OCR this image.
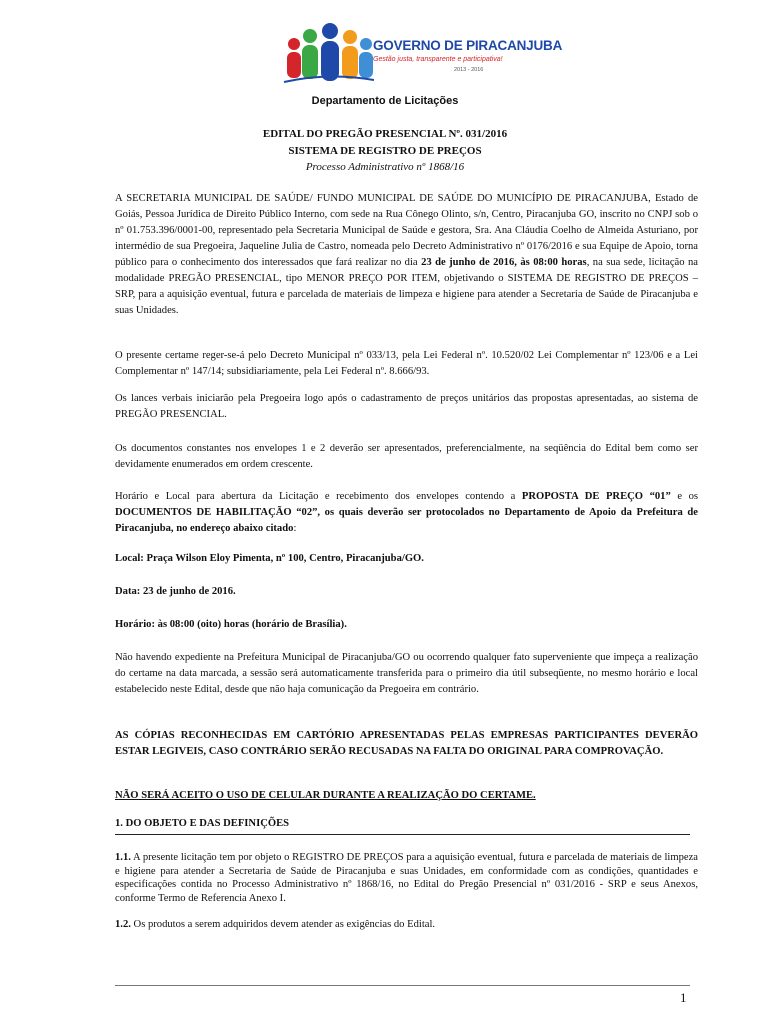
GOVERNO DE PIRACANJUBA
Gestão justa, transparente e participativa!
2013 - 2016
Departamento de Licitações
EDITAL DO PREGÃO PRESENCIAL Nº. 031/2016
SISTEMA DE REGISTRO DE PREÇOS
Processo Administrativo nº 1868/16
A SECRETARIA MUNICIPAL DE SAÚDE/ FUNDO MUNICIPAL DE SAÚDE DO MUNICÍPIO DE PIRACANJUBA, Estado de Goiás, Pessoa Jurídica de Direito Público Interno, com sede na Rua Cônego Olinto, s/n, Centro, Piracanjuba GO, inscrito no CNPJ sob o nº 01.753.396/0001-00, representado pela Secretaria Municipal de Saúde e gestora, Sra. Ana Cláudia Coelho de Almeida Asturiano, por intermédio de sua Pregoeira, Jaqueline Julia de Castro, nomeada pelo Decreto Administrativo nº 0176/2016 e sua Equipe de Apoio, torna público para o conhecimento dos interessados que fará realizar no dia 23 de junho de 2016, às 08:00 horas, na sua sede, licitação na modalidade PREGÃO PRESENCIAL, tipo MENOR PREÇO POR ITEM, objetivando o SISTEMA DE REGISTRO DE PREÇOS – SRP, para a aquisição eventual, futura e parcelada de materiais de limpeza e higiene para atender a Secretaria de Saúde de Piracanjuba e suas Unidades.
O presente certame reger-se-á pelo Decreto Municipal nº 033/13, pela Lei Federal nº. 10.520/02 Lei Complementar nº 123/06 e a Lei Complementar nº 147/14; subsidiariamente, pela Lei Federal nº. 8.666/93.
Os lances verbais iniciarão pela Pregoeira logo após o cadastramento de preços unitários das propostas apresentadas, ao sistema de PREGÃO PRESENCIAL.
Os documentos constantes nos envelopes 1 e 2 deverão ser apresentados, preferencialmente, na seqüência do Edital bem como ser devidamente enumerados em ordem crescente.
Horário e Local para abertura da Licitação e recebimento dos envelopes contendo a PROPOSTA DE PREÇO “01” e os DOCUMENTOS DE HABILITAÇÃO “02”, os quais deverão ser protocolados no Departamento de Apoio da Prefeitura de Piracanjuba, no endereço abaixo citado:
Local: Praça Wilson Eloy Pimenta, nº 100, Centro, Piracanjuba/GO.
Data: 23 de junho de 2016.
Horário: às 08:00 (oito) horas (horário de Brasília).
Não havendo expediente na Prefeitura Municipal de Piracanjuba/GO ou ocorrendo qualquer fato superveniente que impeça a realização do certame na data marcada, a sessão será automaticamente transferida para o primeiro dia útil subseqüente, no mesmo horário e local estabelecido neste Edital, desde que não haja comunicação da Pregoeira em contrário.
AS CÓPIAS RECONHECIDAS EM CARTÓRIO APRESENTADAS PELAS EMPRESAS PARTICIPANTES DEVERÃO ESTAR LEGIVEIS, CASO CONTRÁRIO SERÃO RECUSADAS NA FALTA DO ORIGINAL PARA COMPROVAÇÃO.
NÃO SERÁ ACEITO O USO DE CELULAR DURANTE A REALIZAÇÃO DO CERTAME.
1. DO OBJETO E DAS DEFINIÇÕES
1.1. A presente licitação tem por objeto o REGISTRO DE PREÇOS para a aquisição eventual, futura e parcelada de materiais de limpeza e higiene para atender a Secretaria de Saúde de Piracanjuba e suas Unidades, em conformidade com as condições, quantidades e especificações contida no Processo Administrativo nº 1868/16, no Edital do Pregão Presencial nº 031/2016 - SRP e seus Anexos, conforme Termo de Referencia Anexo I.
1.2. Os produtos a serem adquiridos devem atender as exigências do Edital.
1
